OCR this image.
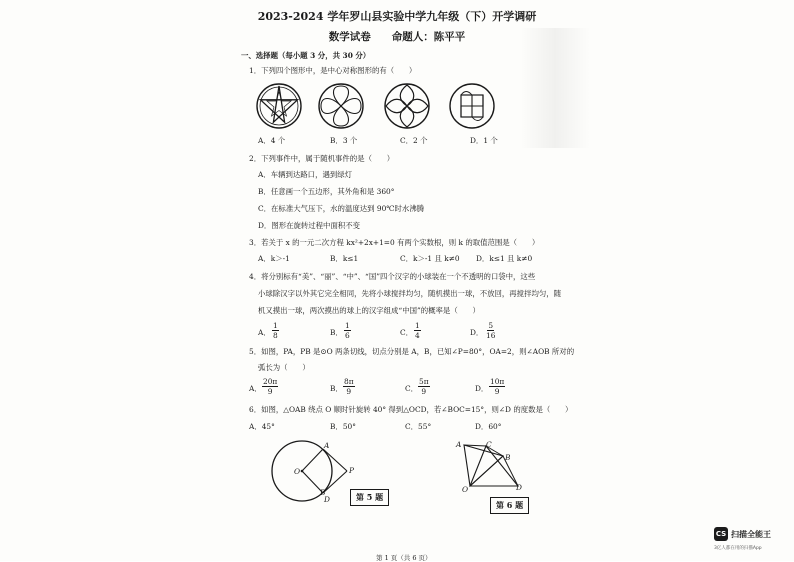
2023-2024 学年罗山县实验中学九年级（下）开学调研
数学试卷　　命题人：陈平平
一、选择题（每小题 3 分，共 30 分）
1．下列四个图形中，是中心对称图形的有（　　）
A．4 个	B．3 个	C．2 个	D．1 个
2．下列事件中，属于随机事件的是（　　）
A．车辆到达路口，遇到绿灯
B．任意画一个五边形，其外角和是 360°
C．在标准大气压下，水的温度达到 90℃时水沸腾
D．图形在旋转过程中面积不变
3．若关于 x 的一元二次方程 kx²+2x+1=0 有两个实数根，则 k 的取值范围是（　　）
A．k＞-1	B．k≤1	C．k＞-1 且 k≠0 D．k≤1 且 k≠0
4．将分别标有“美”、“丽”、“中”、“国”四个汉字的小球装在一个不透明的口袋中，这些
小球除汉字以外其它完全相同，先将小球搅拌均匀，随机摸出一球，不放回，再搅拌均匀，随
机又摸出一球，两次摸出的球上的汉字组成“中国”的概率是（　　）
A． $\frac{1}{8}$	B． $\frac{1}{6}$	C． $\frac{1}{4}$	D． $\frac{5}{16}$
5．如图，PA，PB 是⊙O 两条切线，切点分别是 A，B，已知∠P=80°，OA=2，则∠AOB 所对的
弧长为（　　）
A． $\frac{20\pi}{9}$	B． $\frac{8\pi}{9}$	C． $\frac{5\pi}{9}$	D． $\frac{10\pi}{9}$
6．如图，△OAB 绕点 O 顺时针旋转 40° 得到△OCD，若∠BOC=15°，则∠D 的度数是（　　）
A．45°	B．50°	C．55°	D．60°
A
O	P
B
D	第 5 题
A	C
B
O	D
第 6 题
第 1 页（共 6 页）
CS 扫描全能王
3亿人都在用的扫描App
